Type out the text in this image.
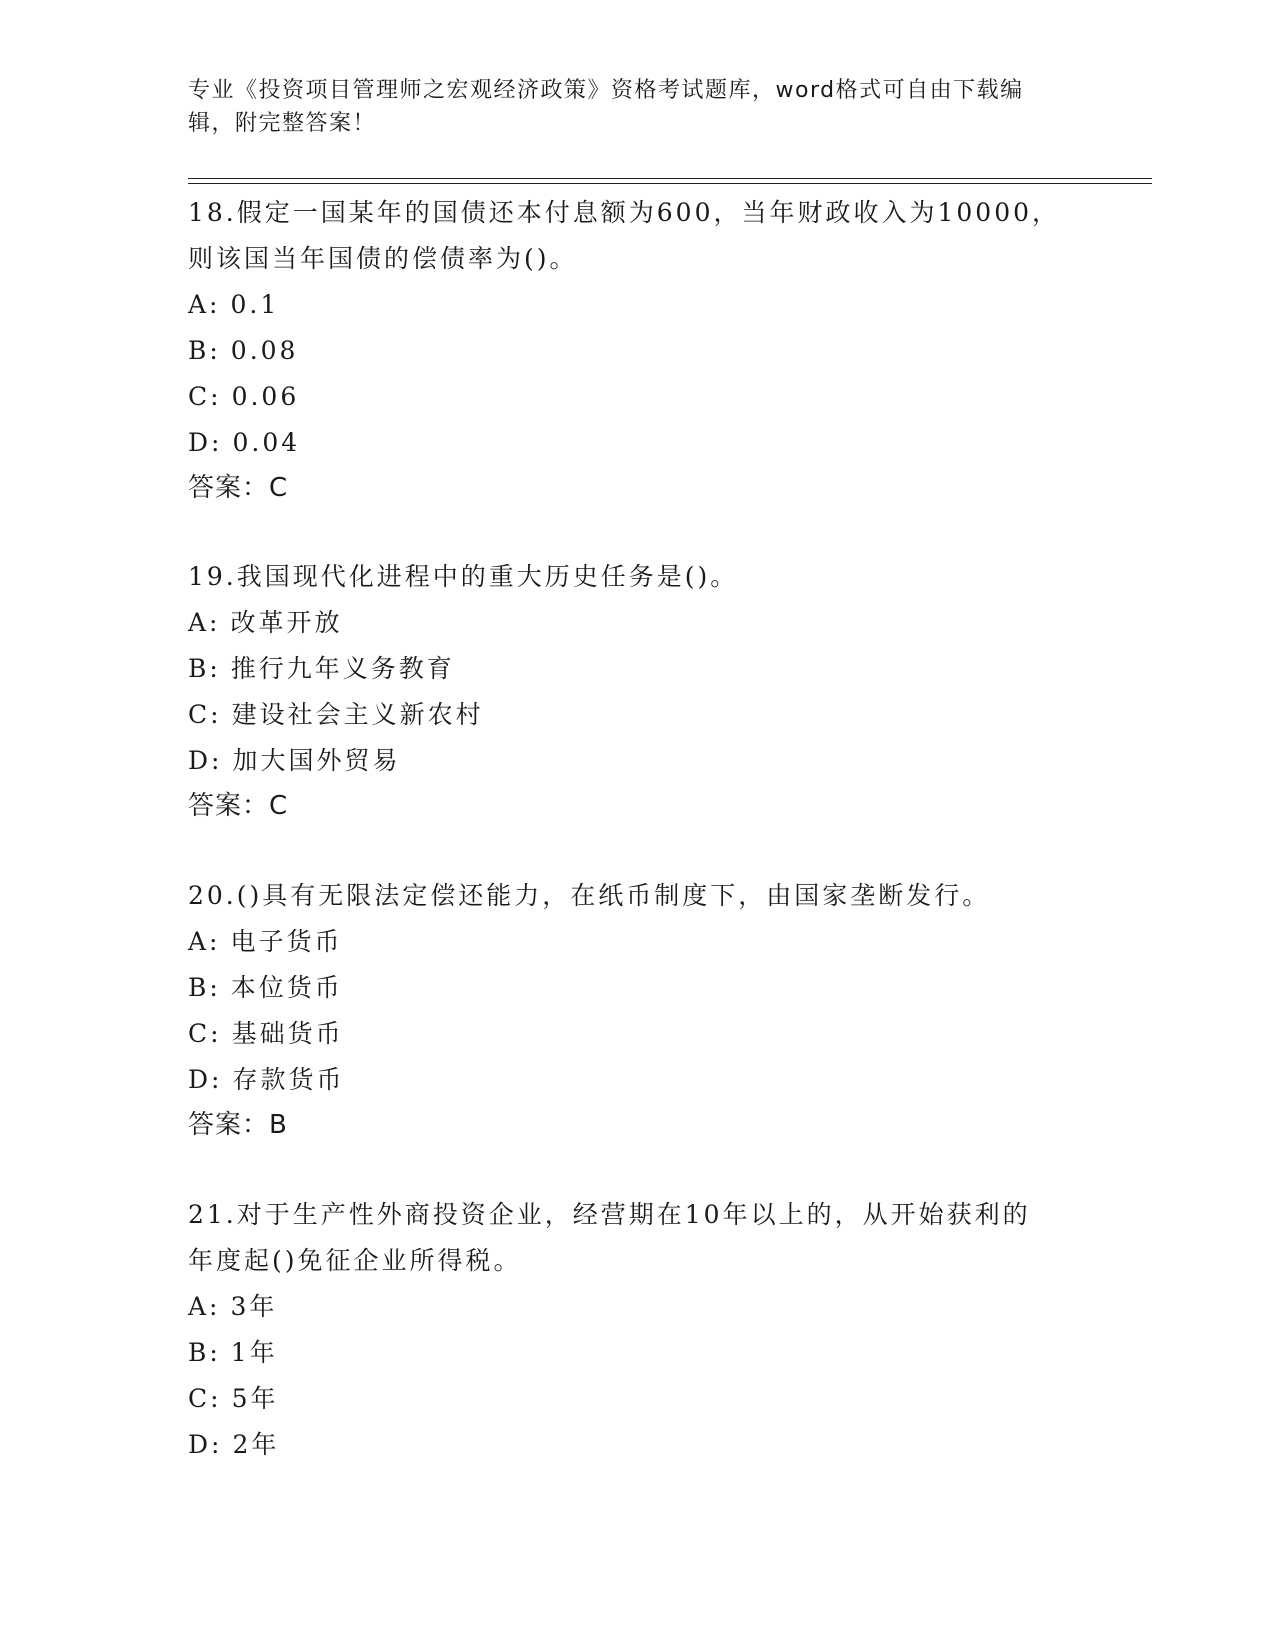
专业《投资项目管理师之宏观经济政策》资格考试题库，word格式可自由下载编
辑，附完整答案！
18.假定一国某年的国债还本付息额为600，当年财政收入为10000，
则该国当年国债的偿债率为()。
A: 0.1
B: 0.08
C: 0.06
D: 0.04
答案：C
19.我国现代化进程中的重大历史任务是()。
A: 改革开放
B: 推行九年义务教育
C: 建设社会主义新农村
D: 加大国外贸易
答案：C
20.()具有无限法定偿还能力，在纸币制度下，由国家垄断发行。
A: 电子货币
B: 本位货币
C: 基础货币
D: 存款货币
答案：B
21.对于生产性外商投资企业，经营期在10年以上的，从开始获利的
年度起()免征企业所得税。
A: 3年
B: 1年
C: 5年
D: 2年
